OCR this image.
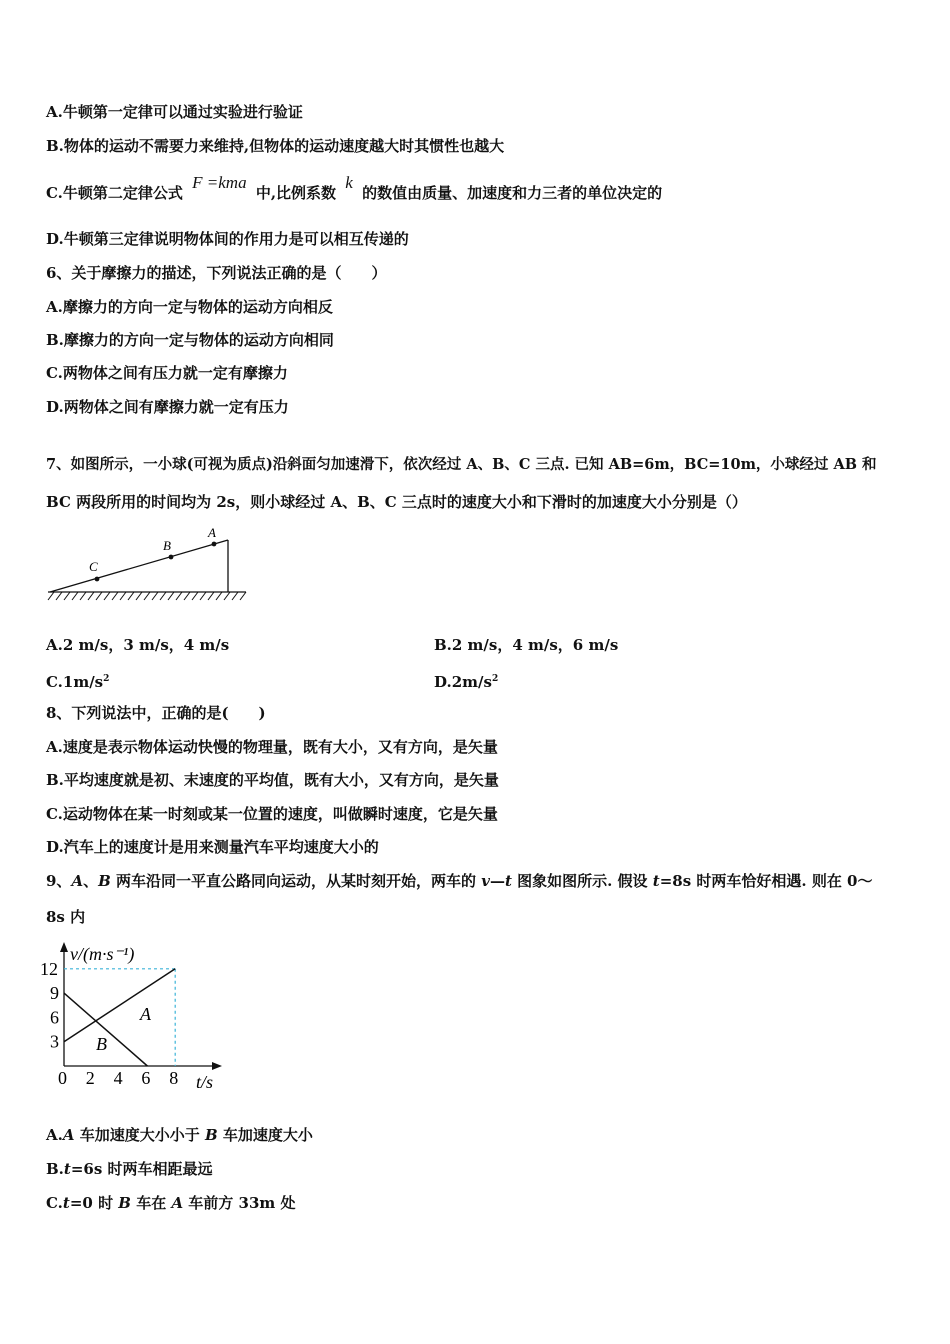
A.牛顿第一定律可以通过实验进行验证
B.物体的运动不需要力来维持,但物体的运动速度越大时其惯性也越大
C.牛顿第二定律公式 F =kma 中,比例系数 k 的数值由质量、加速度和力三者的单位决定的
D.牛顿第三定律说明物体间的作用力是可以相互传递的
6、关于摩擦力的描述，下列说法正确的是（　　）
A.摩擦力的方向一定与物体的运动方向相反
B.摩擦力的方向一定与物体的运动方向相同
C.两物体之间有压力就一定有摩擦力
D.两物体之间有摩擦力就一定有压力
7、如图所示，一小球(可视为质点)沿斜面匀加速滑下，依次经过 A、B、C 三点. 已知 AB=6m，BC=10m，小球经过 AB 和
BC 两段所用的时间均为 2s，则小球经过 A、B、C 三点时的速度大小和下滑时的加速度大小分别是（）
C
B
A
A.2 m/s，3 m/s，4 m/s	B.2 m/s，4 m/s，6 m/s
$C.1m/s^2$	$D.2m/s^2$
8、下列说法中，正确的是(　　)
A.速度是表示物体运动快慢的物理量，既有大小，又有方向，是矢量
B.平均速度就是初、末速度的平均值，既有大小，又有方向，是矢量
C.运动物体在某一时刻或某一位置的速度，叫做瞬时速度，它是矢量
D.汽车上的速度计是用来测量汽车平均速度大小的
9、A、B 两车沿同一平直公路同向运动，从某时刻开始，两车的 v—t 图象如图所示. 假设 t=8s 时两车恰好相遇. 则在 0～
8s 内
A
B
0 2 4 6 8
3
6
9
12
v/(m·s⁻¹)
t/s
A.A 车加速度大小小于 B 车加速度大小
B.t=6s 时两车相距最远
C.t=0 时 B 车在 A 车前方 33m 处
